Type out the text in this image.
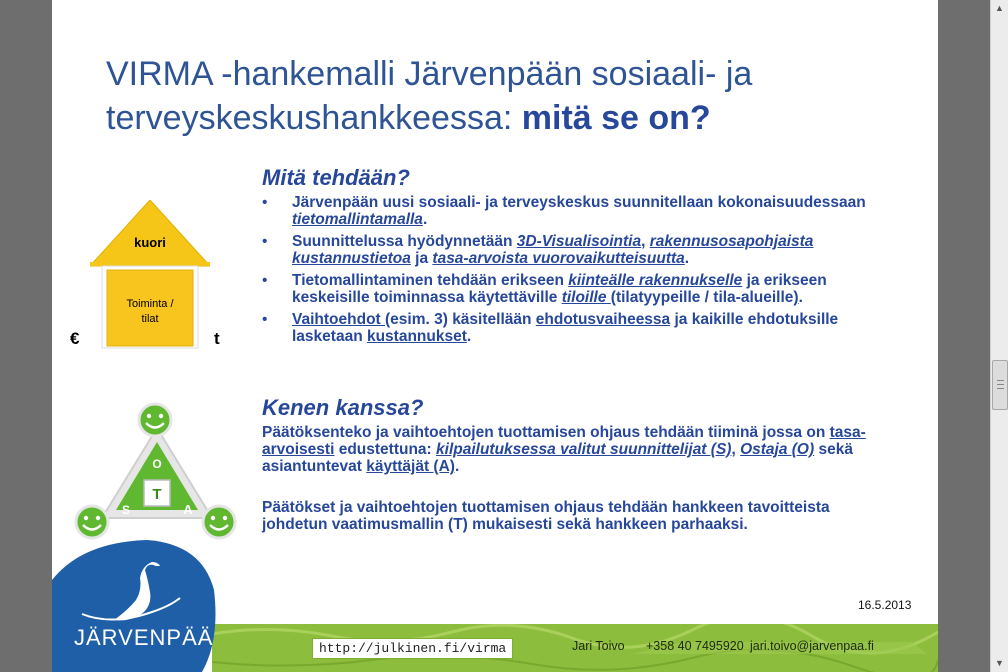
▲
▼
VIRMA -hankemalli Järvenpään sosiaali- ja terveyskeskushankkeessa: mitä se on?
kuori
Toiminta /
tilat
€	t
T
O
S	A
Mitä tehdään?
• Järvenpään uusi sosiaali- ja terveyskeskus suunnitellaan kokonaisuudessaan tietomallintamalla.
• Suunnittelussa hyödynnetään 3D-Visualisointia, rakennusosapohjaista kustannustietoa ja tasa-arvoista vuorovaikutteisuutta.
• Tietomallintaminen tehdään erikseen kiinteälle rakennukselle ja erikseen keskeisille toiminnassa käytettäville tiloille (tilatyypeille / tila-alueille).
• Vaihtoehdot (esim. 3) käsitellään ehdotusvaiheessa ja kaikille ehdotuksille lasketaan kustannukset.
Kenen kanssa?
Päätöksenteko ja vaihtoehtojen tuottamisen ohjaus tehdään tiiminä jossa on tasa-arvoisesti edustettuna: kilpailutuksessa valitut suunnittelijat (S), Ostaja (O) sekä asiantuntevat käyttäjät (A).
Päätökset ja vaihtoehtojen tuottamisen ohjaus tehdään hankkeen tavoitteista johdetun vaatimusmallin (T) mukaisesti sekä hankkeen parhaaksi.
16.5.2013
http://julkinen.fi/virma	Jari Toivo +358 40 7495920 jari.toivo@jarvenpaa.fi
JÄRVENPÄÄ
